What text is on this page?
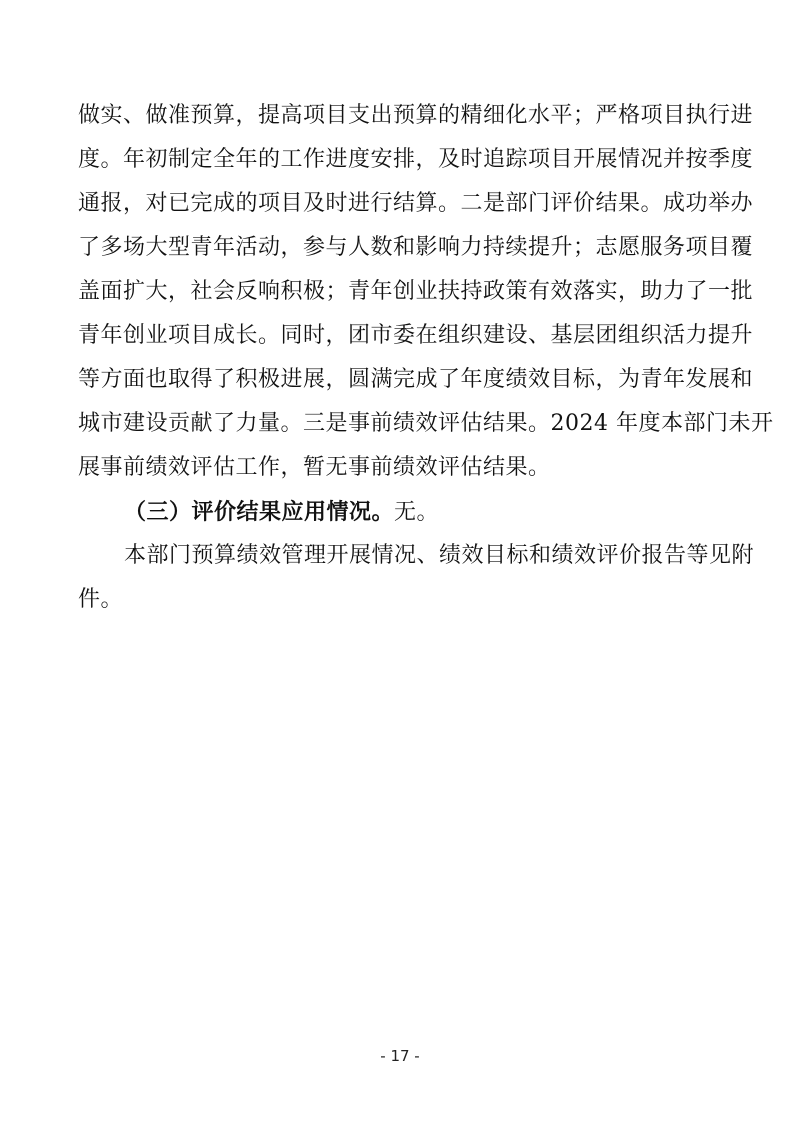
做实、做准预算，提高项目支出预算的精细化水平；严格项目执行进
度。年初制定全年的工作进度安排，及时追踪项目开展情况并按季度
通报，对已完成的项目及时进行结算。二是部门评价结果。成功举办
了多场大型青年活动，参与人数和影响力持续提升；志愿服务项目覆
盖面扩大，社会反响积极；青年创业扶持政策有效落实，助力了一批
青年创业项目成长。同时，团市委在组织建设、基层团组织活力提升
等方面也取得了积极进展，圆满完成了年度绩效目标，为青年发展和
城市建设贡献了力量。三是事前绩效评估结果。2024 年度本部门未开
展事前绩效评估工作，暂无事前绩效评估结果。
（三）评价结果应用情况。无。
本部门预算绩效管理开展情况、绩效目标和绩效评价报告等见附
件。
- 17 -
